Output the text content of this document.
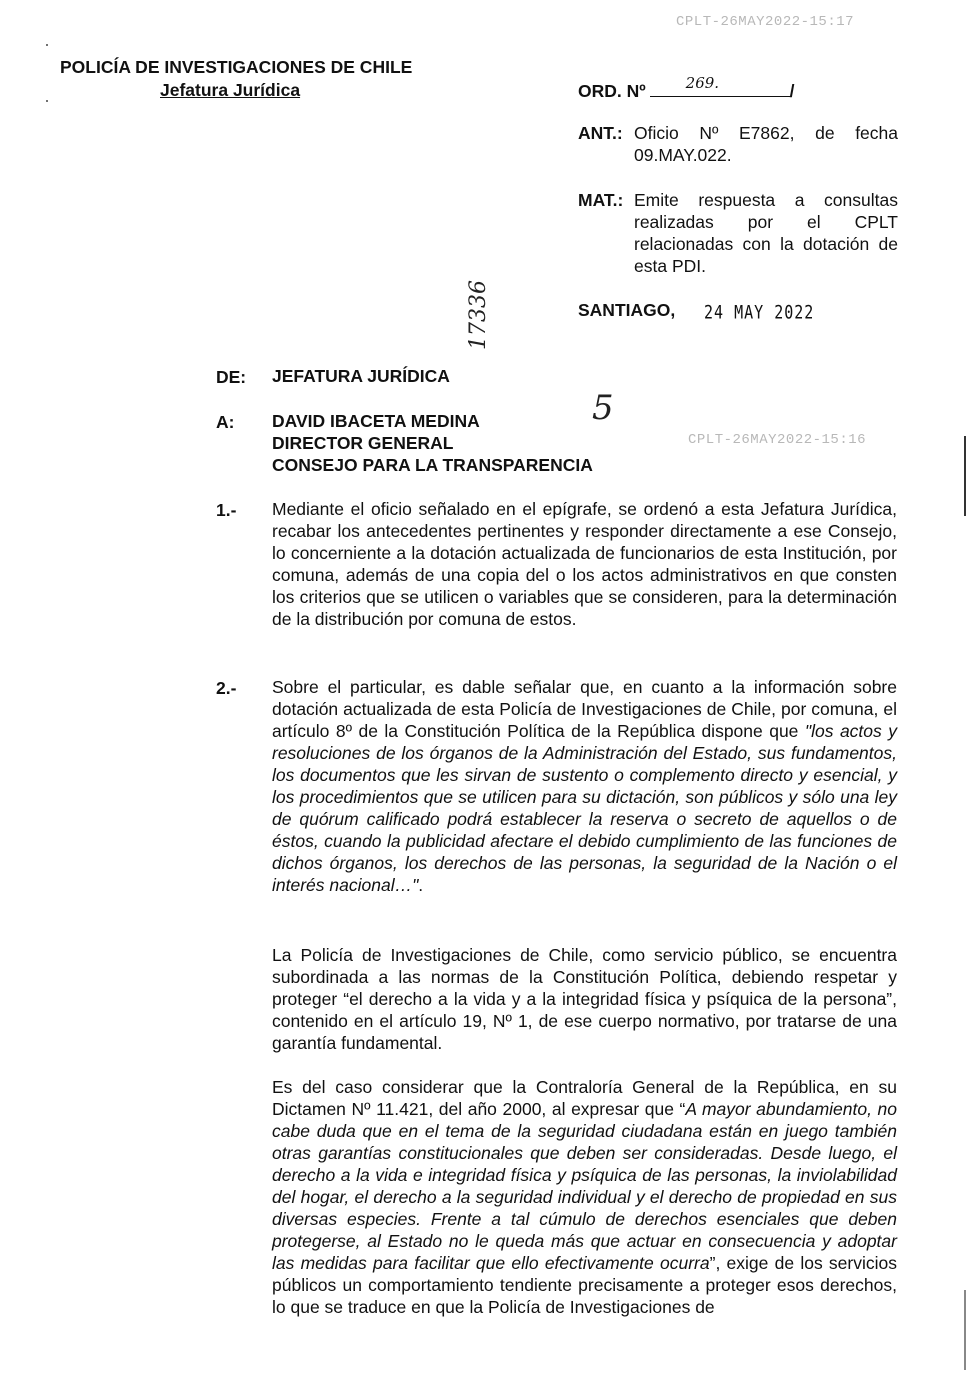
CPLT-26MAY2022-15:17
CPLT-26MAY2022-15:16
POLICÍA DE INVESTIGACIONES DE CHILE
Jefatura Jurídica	ORD. Nº	269.	/
ANT.: Oficio Nº E7862, de fecha 09.MAY.022.
MAT.: Emite respuesta a consultas realizadas por el CPLT relacionadas con la dotación de esta PDI.
SANTIAGO, 24 MAY 2022
17336
5
DE: JEFATURA JURÍDICA
A: DAVID IBACETA MEDINA
DIRECTOR GENERAL
CONSEJO PARA LA TRANSPARENCIA
1.- Mediante el oficio señalado en el epígrafe, se ordenó a esta Jefatura Jurídica, recabar los antecedentes pertinentes y responder directamente a ese Consejo, lo concerniente a la dotación actualizada de funcionarios de esta Institución, por comuna, además de una copia del o los actos administrativos en que consten los criterios que se utilicen o variables que se consideren, para la determinación de la distribución por comuna de estos.
2.- Sobre el particular, es dable señalar que, en cuanto a la información sobre dotación actualizada de esta Policía de Investigaciones de Chile, por comuna, el artículo 8º de la Constitución Política de la República dispone que "los actos y resoluciones de los órganos de la Administración del Estado, sus fundamentos, los documentos que les sirvan de sustento o complemento directo y esencial, y los procedimientos que se utilicen para su dictación, son públicos y sólo una ley de quórum calificado podrá establecer la reserva o secreto de aquellos o de éstos, cuando la publicidad afectare el debido cumplimiento de las funciones de dichos órganos, los derechos de las personas, la seguridad de la Nación o el interés nacional…".
La Policía de Investigaciones de Chile, como servicio público, se encuentra subordinada a las normas de la Constitución Política, debiendo respetar y proteger “el derecho a la vida y a la integridad física y psíquica de la persona”, contenido en el artículo 19, Nº 1, de ese cuerpo normativo, por tratarse de una garantía fundamental.
Es del caso considerar que la Contraloría General de la República, en su Dictamen Nº 11.421, del año 2000, al expresar que “A mayor abundamiento, no cabe duda que en el tema de la seguridad ciudadana están en juego también otras garantías constitucionales que deben ser consideradas. Desde luego, el derecho a la vida e integridad física y psíquica de las personas, la inviolabilidad del hogar, el derecho a la seguridad individual y el derecho de propiedad en sus diversas especies. Frente a tal cúmulo de derechos esenciales que deben protegerse, al Estado no le queda más que actuar en consecuencia y adoptar las medidas para facilitar que ello efectivamente ocurra”, exige de los servicios públicos un comportamiento tendiente precisamente a proteger esos derechos, lo que se traduce en que la Policía de Investigaciones de
